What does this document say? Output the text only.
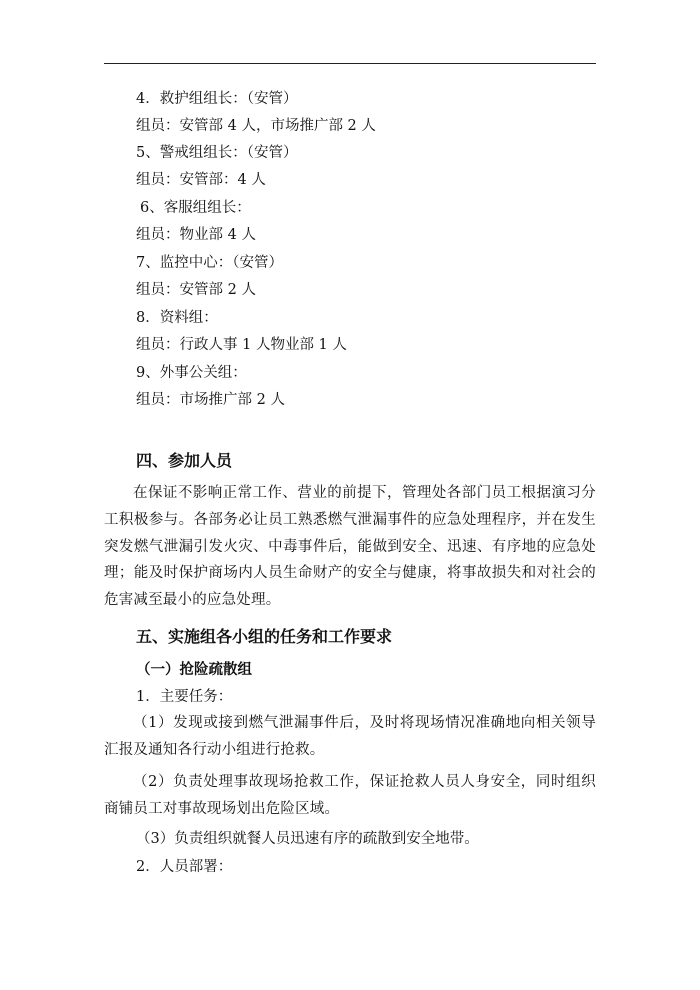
4．救护组组长：（安管）
组员：安管部 4 人，市场推广部 2 人
5、警戒组组长：（安管）
组员：安管部：4 人
6、客服组组长：
组员：物业部 4 人
7、监控中心：（安管）
组员：安管部 2 人
8．资料组：
组员：行政人事 1 人物业部 1 人
9、外事公关组：
组员：市场推广部 2 人
四、参加人员
在保证不影响正常工作、营业的前提下，管理处各部门员工根据演习分工积极参与。各部务必让员工熟悉燃气泄漏事件的应急处理程序，并在发生突发燃气泄漏引发火灾、中毒事件后，能做到安全、迅速、有序地的应急处理；能及时保护商场内人员生命财产的安全与健康，将事故损失和对社会的危害减至最小的应急处理。
五、实施组各小组的任务和工作要求
（一）抢险疏散组
1．主要任务：
（1）发现或接到燃气泄漏事件后，及时将现场情况准确地向相关领导汇报及通知各行动小组进行抢救。
（2）负责处理事故现场抢救工作，保证抢救人员人身安全，同时组织商铺员工对事故现场划出危险区域。
（3）负责组织就餐人员迅速有序的疏散到安全地带。
2．人员部署：
